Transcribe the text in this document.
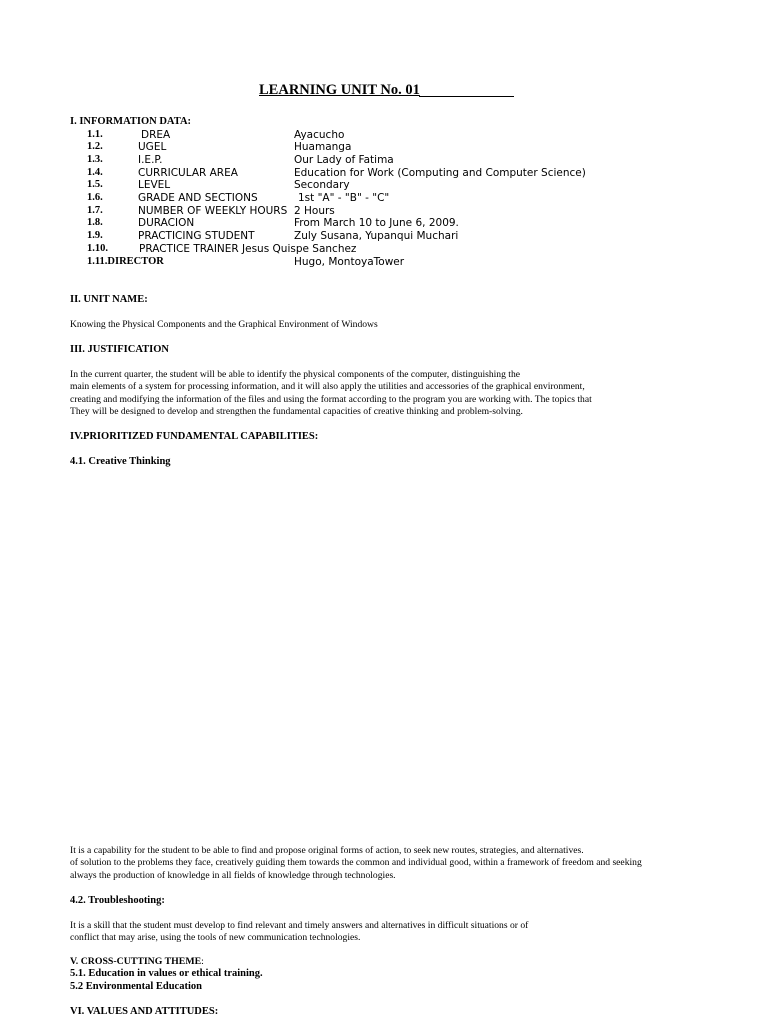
LEARNING UNIT No. 01
I. INFORMATION DATA:
1.1.	DREA	Ayacucho
1.2.	UGEL	Huamanga
1.3.	I.E.P.	Our Lady of Fatima
1.4.	CURRICULAR AREA	Education for Work (Computing and Computer Science)
1.5.	LEVEL	Secondary
1.6.	GRADE AND SECTIONS	1st "A" - "B" - "C"
1.7.	NUMBER OF WEEKLY HOURS 2 Hours
1.8.	DURACION	From March 10 to June 6, 2009.
1.9.	PRACTICING STUDENT	Zuly Susana, Yupanqui Muchari
1.10.	PRACTICE TRAINER Jesus Quispe Sanchez
1.11.DIRECTOR	Hugo, MontoyaTower
II. UNIT NAME:
Knowing the Physical Components and the Graphical Environment of Windows
III. JUSTIFICATION
In the current quarter, the student will be able to identify the physical components of the computer, distinguishing the
main elements of a system for processing information, and it will also apply the utilities and accessories of the graphical environment,
creating and modifying the information of the files and using the format according to the program you are working with. The topics that
They will be designed to develop and strengthen the fundamental capacities of creative thinking and problem-solving.
IV.PRIORITIZED FUNDAMENTAL CAPABILITIES:
4.1. Creative Thinking
It is a capability for the student to be able to find and propose original forms of action, to seek new routes, strategies, and alternatives.
of solution to the problems they face, creatively guiding them towards the common and individual good, within a framework of freedom and seeking
always the production of knowledge in all fields of knowledge through technologies.
4.2. Troubleshooting:
It is a skill that the student must develop to find relevant and timely answers and alternatives in difficult situations or of
conflict that may arise, using the tools of new communication technologies.
V. CROSS-CUTTING THEME:
5.1. Education in values or ethical training.
5.2 Environmental Education
VI. VALUES AND ATTITUDES:
